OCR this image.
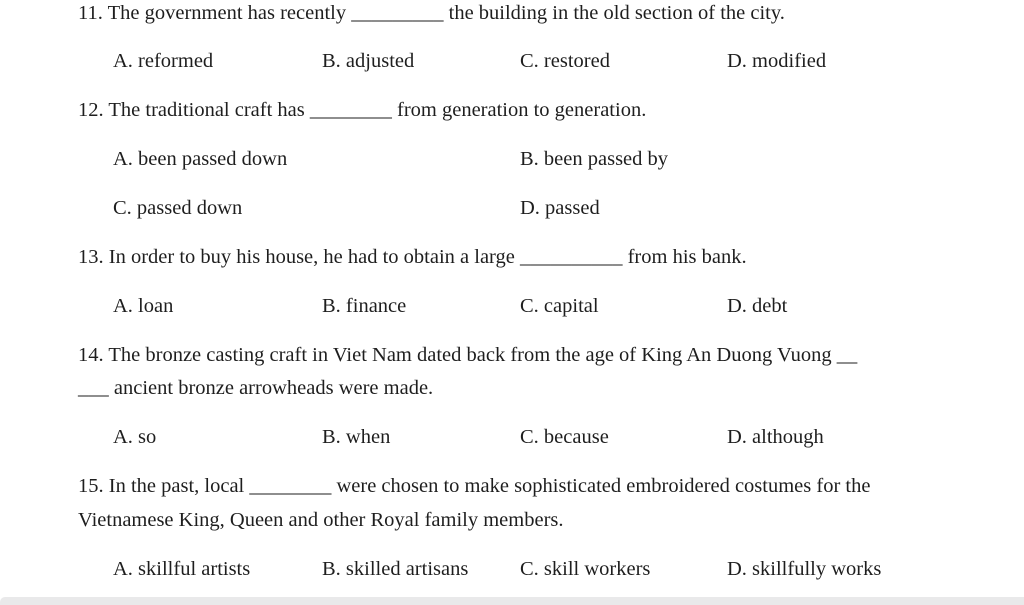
11. The government has recently _________ the building in the old section of the city.
A. reformed	B. adjusted	C. restored	D. modified
12. The traditional craft has ________ from generation to generation.
A. been passed down	B. been passed by
C. passed down	D. passed
13. In order to buy his house, he had to obtain a large __________ from his bank.
A. loan	B. finance	C. capital	D. debt
14. The bronze casting craft in Viet Nam dated back from the age of King An Duong Vuong __
___ ancient bronze arrowheads were made.
A. so	B. when	C. because	D. although
15. In the past, local ________ were chosen to make sophisticated embroidered costumes for the
Vietnamese King, Queen and other Royal family members.
A. skillful artists	B. skilled artisans	C. skill workers	D. skillfully works
